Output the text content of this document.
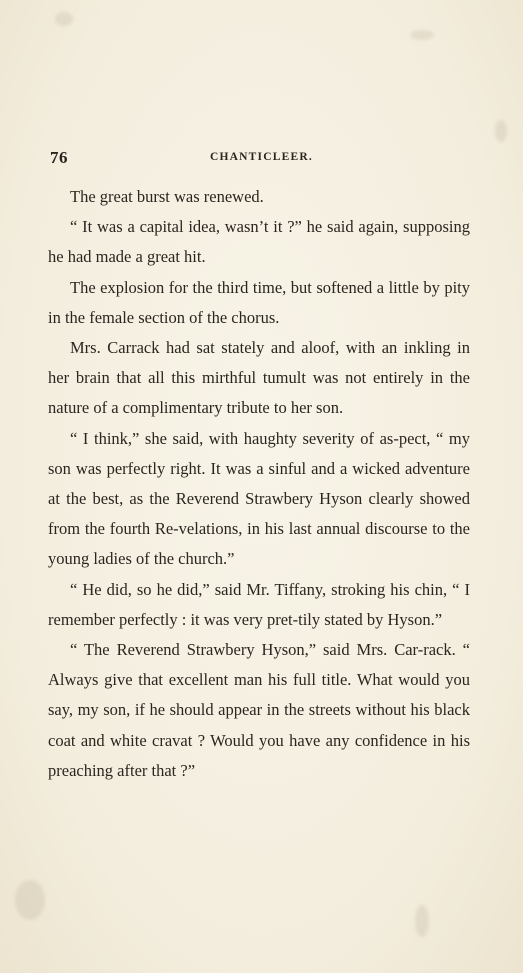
76	CHANTICLEER.

The great burst was renewed.

“ It was a capital idea, wasn’t it ?” he said again, supposing he had made a great hit.

The explosion for the third time, but softened a little by pity in the female section of the chorus.

Mrs. Carrack had sat stately and aloof, with an inkling in her brain that all this mirthful tumult was not entirely in the nature of a complimentary tribute to her son.

“ I think,” she said, with haughty severity of as-pect, “ my son was perfectly right. It was a sinful and a wicked adventure at the best, as the Reverend Strawbery Hyson clearly showed from the fourth Re-velations, in his last annual discourse to the young ladies of the church.”

“ He did, so he did,” said Mr. Tiffany, stroking his chin, “ I remember perfectly : it was very pret-tily stated by Hyson.”

“ The Reverend Strawbery Hyson,” said Mrs. Car-rack. “ Always give that excellent man his full title. What would you say, my son, if he should appear in the streets without his black coat and white cravat ? Would you have any confidence in his preaching after that ?”
